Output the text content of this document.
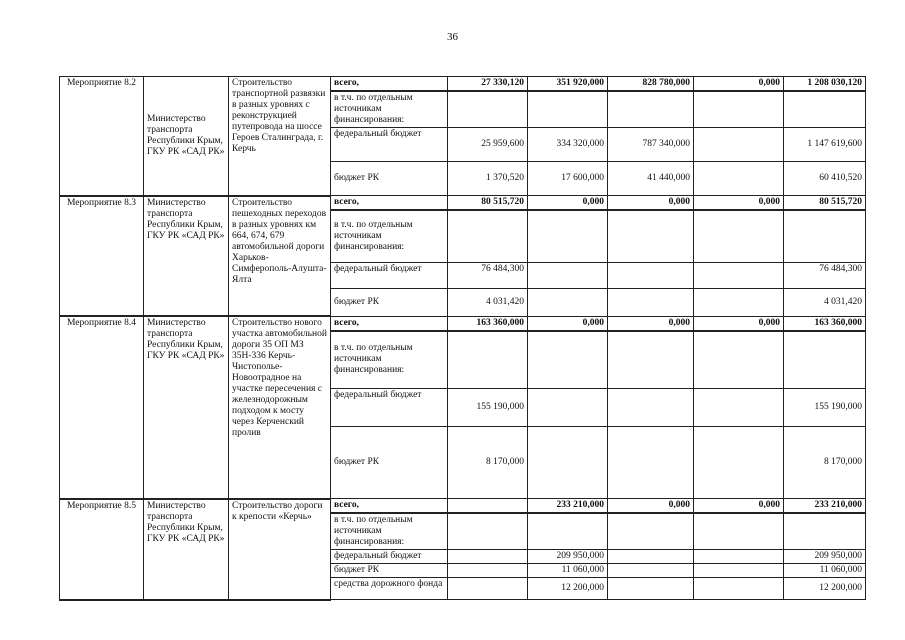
36
Мероприятие 8.2	Министерство транспорта Республики Крым, ГКУ РК «САД РК»	Строительство транспортной развязки в разных уровнях с реконструкцией путепровода на шоссе Героев Сталинграда, г. Керчь	всего,	27 330,120	351 920,000	828 780,000	0,000	1 208 030,120
			в т.ч. по отдельным источникам финансирования:					
			федеральный бюджет	25 959,600	334 320,000	787 340,000		1 147 619,600
			бюджет РК	1 370,520	17 600,000	41 440,000		60 410,520
Мероприятие 8.3	Министерство транспорта Республики Крым, ГКУ РК «САД РК»	Строительство пешеходных переходов в разных уровнях км 664, 674, 679 автомобильной дороги Харьков-Симферополь-Алушта-Ялта	всего,	80 515,720	0,000	0,000	0,000	80 515,720
			в т.ч. по отдельным источникам финансирования:					
			федеральный бюджет	76 484,300				76 484,300
			бюджет РК	4 031,420				4 031,420
Мероприятие 8.4	Министерство транспорта Республики Крым, ГКУ РК «САД РК»	Строительство нового участка автомобильной дороги 35 ОП МЗ 35Н-336 Керчь-Чистополье-Новоотрадное на участке пересечения с железнодорожным подходом к мосту через Керченский пролив	всего,	163 360,000	0,000	0,000	0,000	163 360,000
			в т.ч. по отдельным источникам финансирования:					
			федеральный бюджет	155 190,000				155 190,000
			бюджет РК	8 170,000				8 170,000
Мероприятие 8.5	Министерство транспорта Республики Крым, ГКУ РК «САД РК»	Строительство дороги к крепости «Керчь»	всего,		233 210,000	0,000	0,000	233 210,000
			в т.ч. по отдельным источникам финансирования:					
			федеральный бюджет		209 950,000			209 950,000
			бюджет РК		11 060,000			11 060,000
			средства дорожного фонда		12 200,000			12 200,000
